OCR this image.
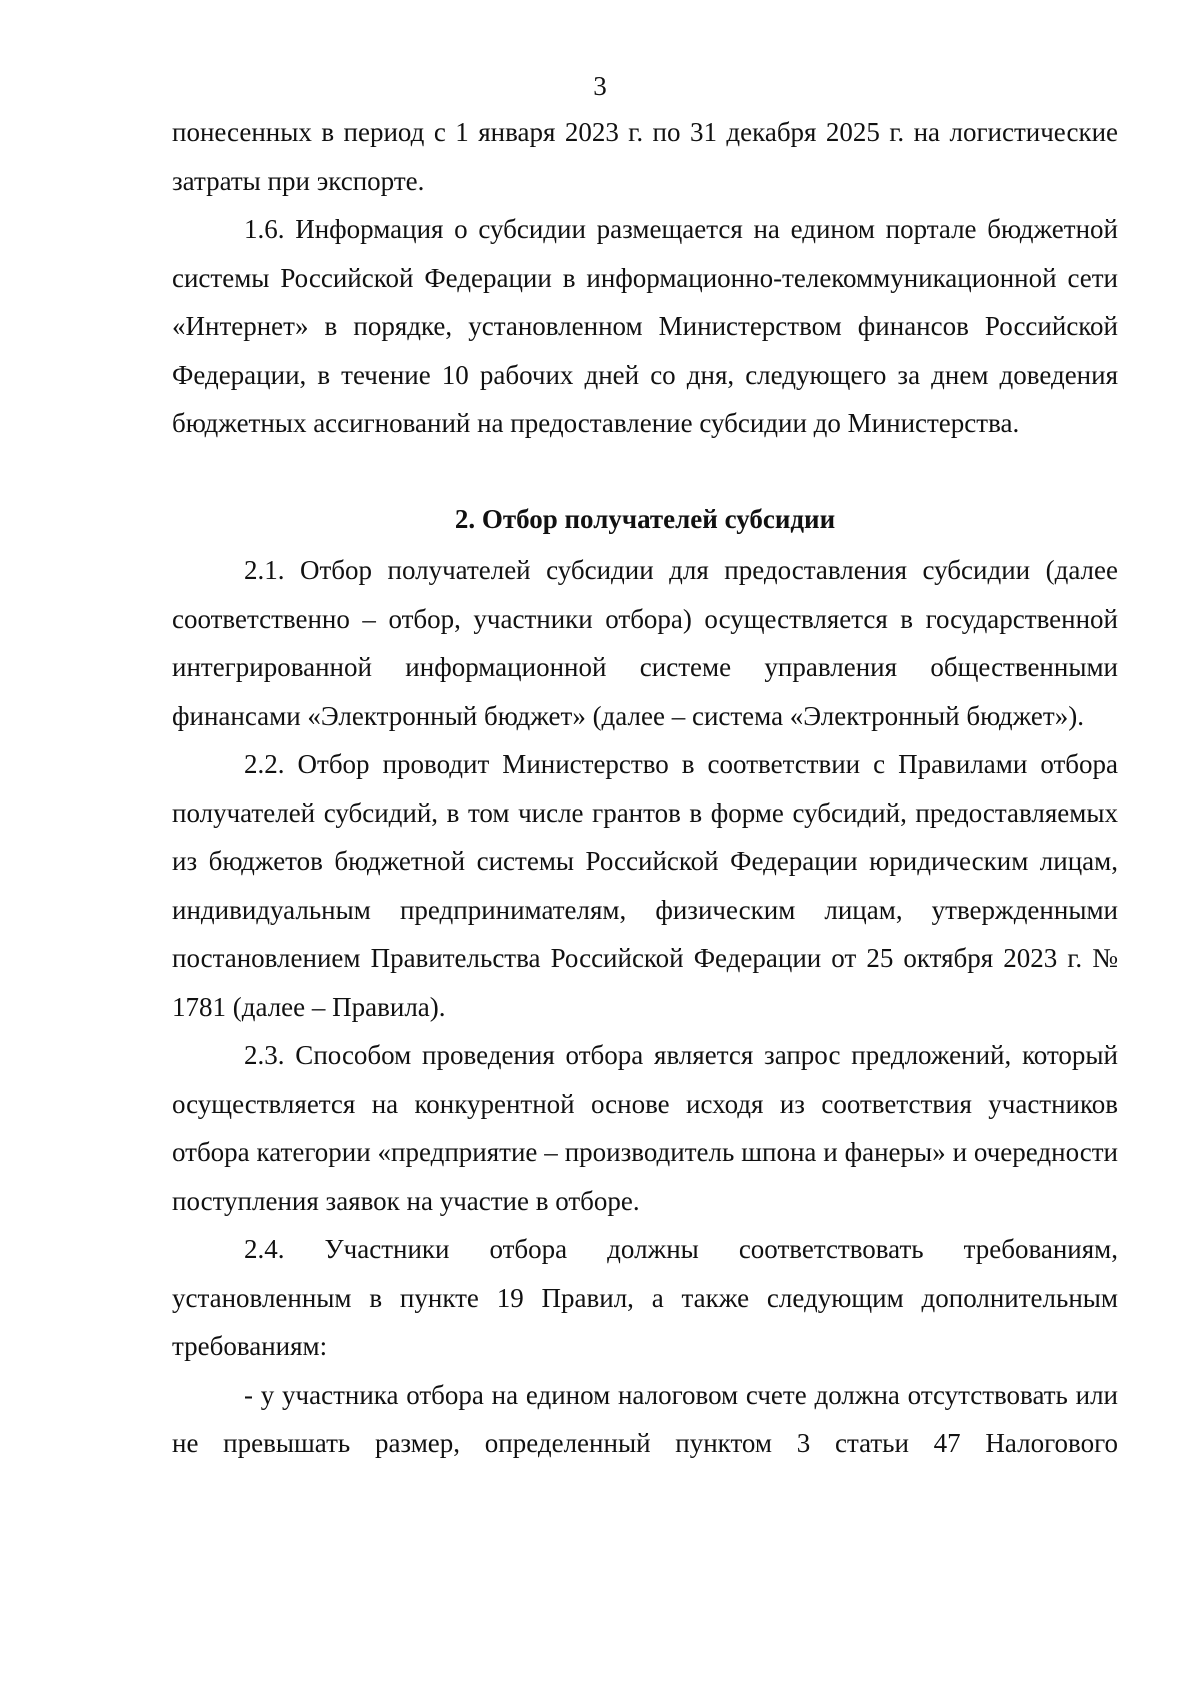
3

понесенных в период с 1 января 2023 г. по 31 декабря 2025 г. на логистические затраты при экспорте.

1.6. Информация о субсидии размещается на едином портале бюджетной системы Российской Федерации в информационно-телекоммуникационной сети «Интернет» в порядке, установленном Министерством финансов Российской Федерации, в течение 10 рабочих дней со дня, следующего за днем доведения бюджетных ассигнований на предоставление субсидии до Министерства.

2. Отбор получателей субсидии

2.1. Отбор получателей субсидии для предоставления субсидии (далее соответственно – отбор, участники отбора) осуществляется в государственной интегрированной информационной системе управления общественными финансами «Электронный бюджет» (далее – система «Электронный бюджет»).

2.2. Отбор проводит Министерство в соответствии с Правилами отбора получателей субсидий, в том числе грантов в форме субсидий, предоставляемых из бюджетов бюджетной системы Российской Федерации юридическим лицам, индивидуальным предпринимателям, физическим лицам, утвержденными постановлением Правительства Российской Федерации от 25 октября 2023 г. № 1781 (далее – Правила).

2.3. Способом проведения отбора является запрос предложений, который осуществляется на конкурентной основе исходя из соответствия участников отбора категории «предприятие – производитель шпона и фанеры» и очередности поступления заявок на участие в отборе.

2.4. Участники отбора должны соответствовать требованиям, установленным в пункте 19 Правил, а также следующим дополнительным требованиям:

- у участника отбора на едином налоговом счете должна отсутствовать или не превышать размер, определенный пунктом 3 статьи 47 Налогового
